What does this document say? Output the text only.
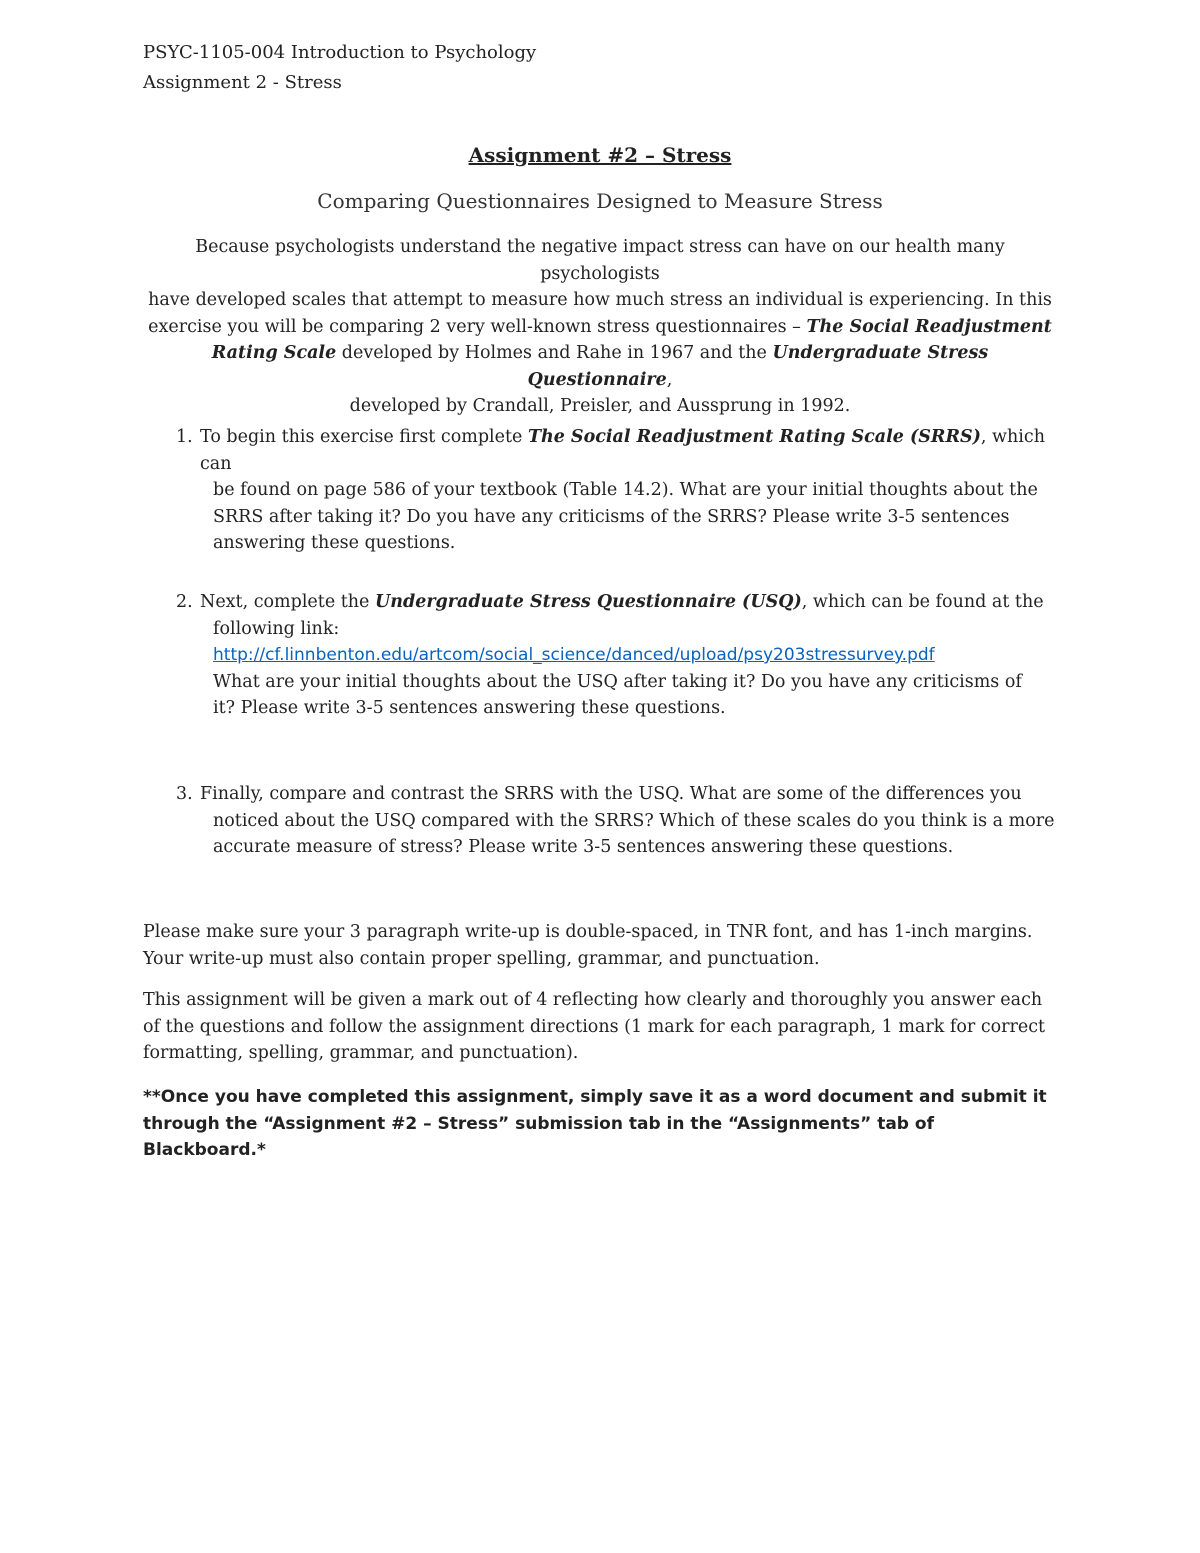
PSYC-1105-004 Introduction to Psychology
Assignment 2 - Stress
Assignment #2 – Stress
Comparing Questionnaires Designed to Measure Stress
Because psychologists understand the negative impact stress can have on our health many psychologists
have developed scales that attempt to measure how much stress an individual is experiencing. In this
exercise you will be comparing 2 very well-known stress questionnaires – The Social Readjustment
Rating Scale developed by Holmes and Rahe in 1967 and the Undergraduate Stress Questionnaire,
developed by Crandall, Preisler, and Aussprung in 1992.
1. To begin this exercise first complete The Social Readjustment Rating Scale (SRRS), which can
be found on page 586 of your textbook (Table 14.2). What are your initial thoughts about the
SRRS after taking it? Do you have any criticisms of the SRRS? Please write 3-5 sentences
answering these questions.
2. Next, complete the Undergraduate Stress Questionnaire (USQ), which can be found at the
following link:
http://cf.linnbenton.edu/artcom/social_science/danced/upload/psy203stressurvey.pdf
What are your initial thoughts about the USQ after taking it? Do you have any criticisms of
it? Please write 3-5 sentences answering these questions.
3. Finally, compare and contrast the SRRS with the USQ. What are some of the differences you
noticed about the USQ compared with the SRRS? Which of these scales do you think is a more
accurate measure of stress? Please write 3-5 sentences answering these questions.
Please make sure your 3 paragraph write-up is double-spaced, in TNR font, and has 1-inch margins. Your write-up must also contain proper spelling, grammar, and punctuation.
This assignment will be given a mark out of 4 reflecting how clearly and thoroughly you answer each of the questions and follow the assignment directions (1 mark for each paragraph, 1 mark for correct formatting, spelling, grammar, and punctuation).
**Once you have completed this assignment, simply save it as a word document and submit it through the “Assignment #2 – Stress” submission tab in the “Assignments” tab of Blackboard.*
